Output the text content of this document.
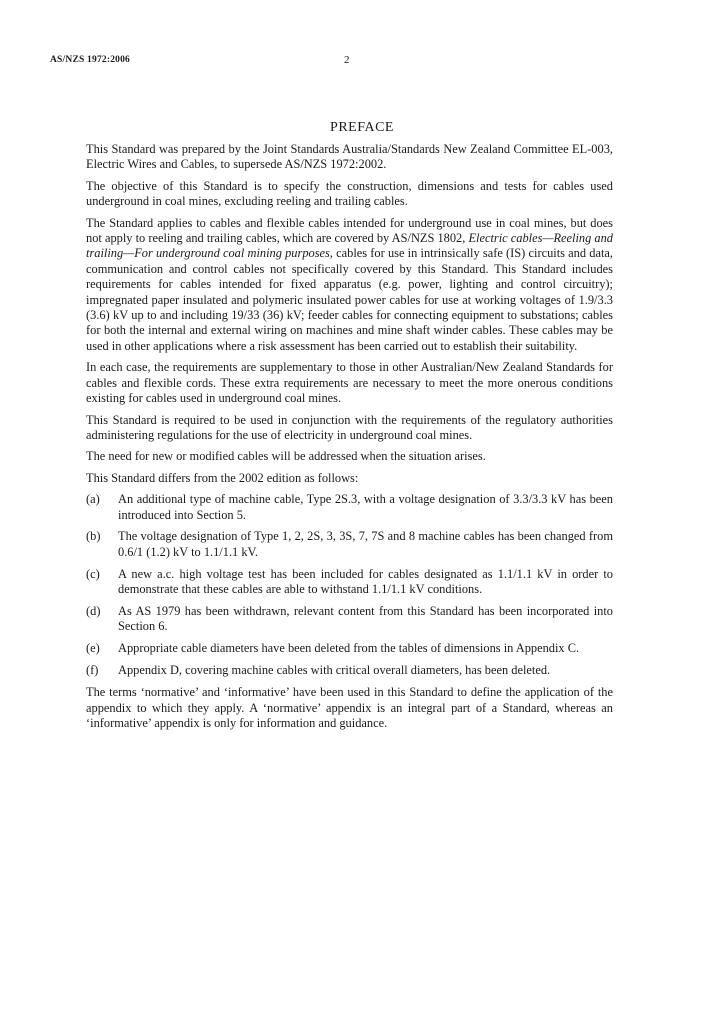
AS/NZS 1972:2006	2
PREFACE

This Standard was prepared by the Joint Standards Australia/Standards New Zealand Committee EL-003, Electric Wires and Cables, to supersede AS/NZS 1972:2002.

The objective of this Standard is to specify the construction, dimensions and tests for cables used underground in coal mines, excluding reeling and trailing cables.

The Standard applies to cables and flexible cables intended for underground use in coal mines, but does not apply to reeling and trailing cables, which are covered by AS/NZS 1802, Electric cables—Reeling and trailing—For underground coal mining purposes, cables for use in intrinsically safe (IS) circuits and data, communication and control cables not specifically covered by this Standard. This Standard includes requirements for cables intended for fixed apparatus (e.g. power, lighting and control circuitry); impregnated paper insulated and polymeric insulated power cables for use at working voltages of 1.9/3.3 (3.6) kV up to and including 19/33 (36) kV; feeder cables for connecting equipment to substations; cables for both the internal and external wiring on machines and mine shaft winder cables. These cables may be used in other applications where a risk assessment has been carried out to establish their suitability.

In each case, the requirements are supplementary to those in other Australian/New Zealand Standards for cables and flexible cords. These extra requirements are necessary to meet the more onerous conditions existing for cables used in underground coal mines.

This Standard is required to be used in conjunction with the requirements of the regulatory authorities administering regulations for the use of electricity in underground coal mines.

The need for new or modified cables will be addressed when the situation arises.

This Standard differs from the 2002 edition as follows:

(a)	An additional type of machine cable, Type 2S.3, with a voltage designation of 3.3/3.3 kV has been introduced into Section 5.
(b)	The voltage designation of Type 1, 2, 2S, 3, 3S, 7, 7S and 8 machine cables has been changed from 0.6/1 (1.2) kV to 1.1/1.1 kV.
(c)	A new a.c. high voltage test has been included for cables designated as 1.1/1.1 kV in order to demonstrate that these cables are able to withstand 1.1/1.1 kV conditions.
(d)	As AS 1979 has been withdrawn, relevant content from this Standard has been incorporated into Section 6.
(e)	Appropriate cable diameters have been deleted from the tables of dimensions in Appendix C.
(f)	Appendix D, covering machine cables with critical overall diameters, has been deleted.

The terms ‘normative’ and ‘informative’ have been used in this Standard to define the application of the appendix to which they apply. A ‘normative’ appendix is an integral part of a Standard, whereas an ‘informative’ appendix is only for information and guidance.
